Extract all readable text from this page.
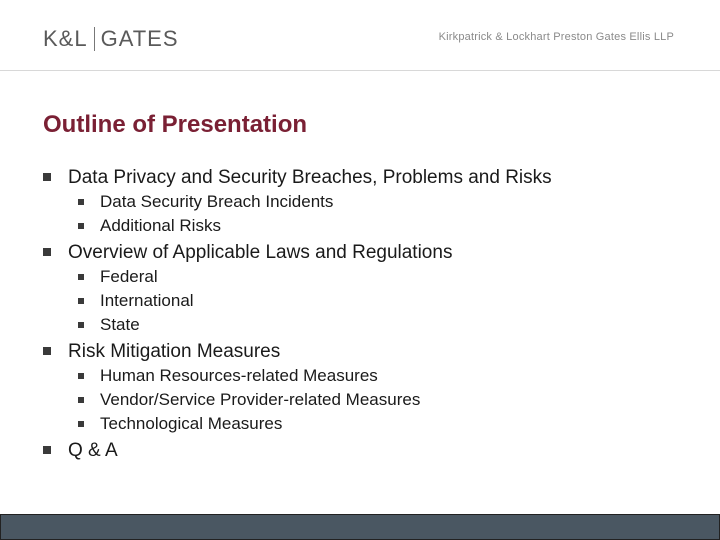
K&L GATES	Kirkpatrick & Lockhart Preston Gates Ellis LLP
Outline of Presentation
Data Privacy and Security Breaches, Problems and Risks
Data Security Breach Incidents
Additional Risks
Overview of Applicable Laws and Regulations
Federal
International
State
Risk Mitigation Measures
Human Resources-related Measures
Vendor/Service Provider-related Measures
Technological Measures
Q & A
